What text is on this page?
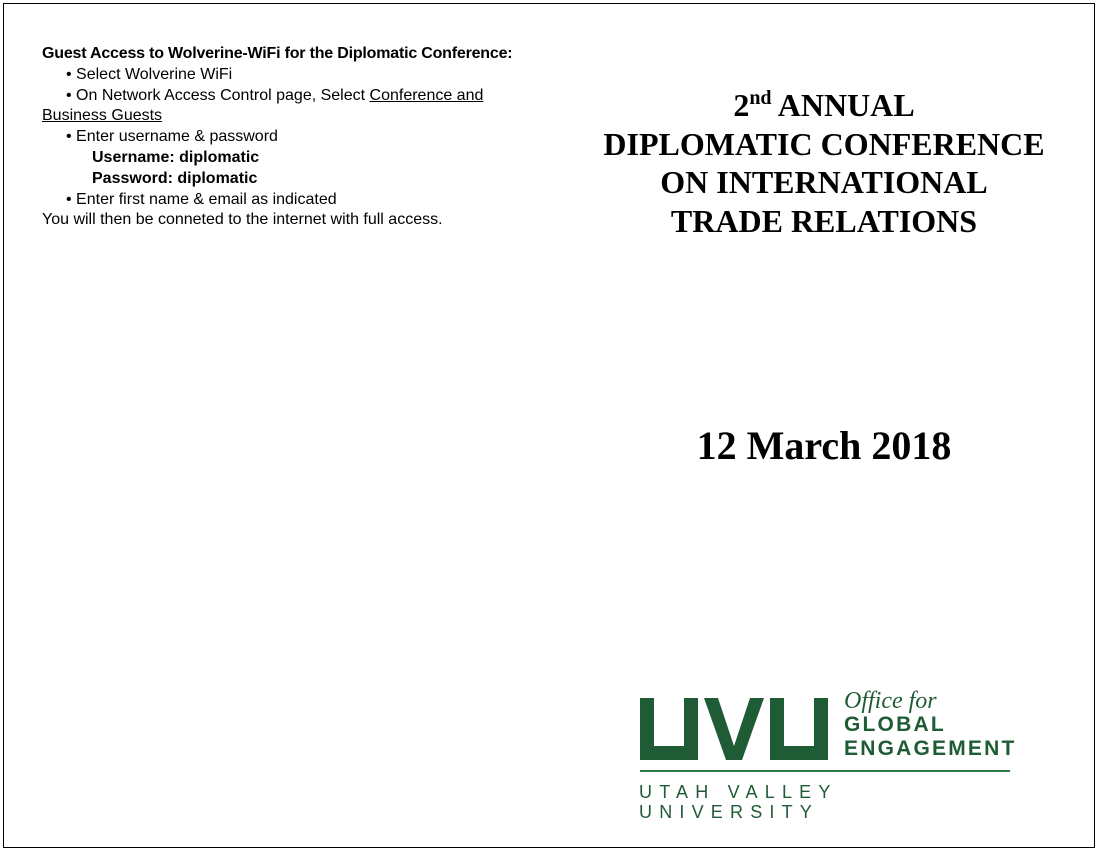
Guest Access to Wolverine-WiFi for the Diplomatic Conference:
• Select Wolverine WiFi
• On Network Access Control page, Select Conference and
Business Guests
• Enter username & password
Username: diplomatic
Password: diplomatic
• Enter first name & email as indicated
You will then be conneted to the internet with full access.
2nd ANNUAL
DIPLOMATIC CONFERENCE
ON INTERNATIONAL
TRADE RELATIONS
12 March 2018
Office for
GLOBAL
ENGAGEMENT
UTAH VALLEY UNIVERSITY
